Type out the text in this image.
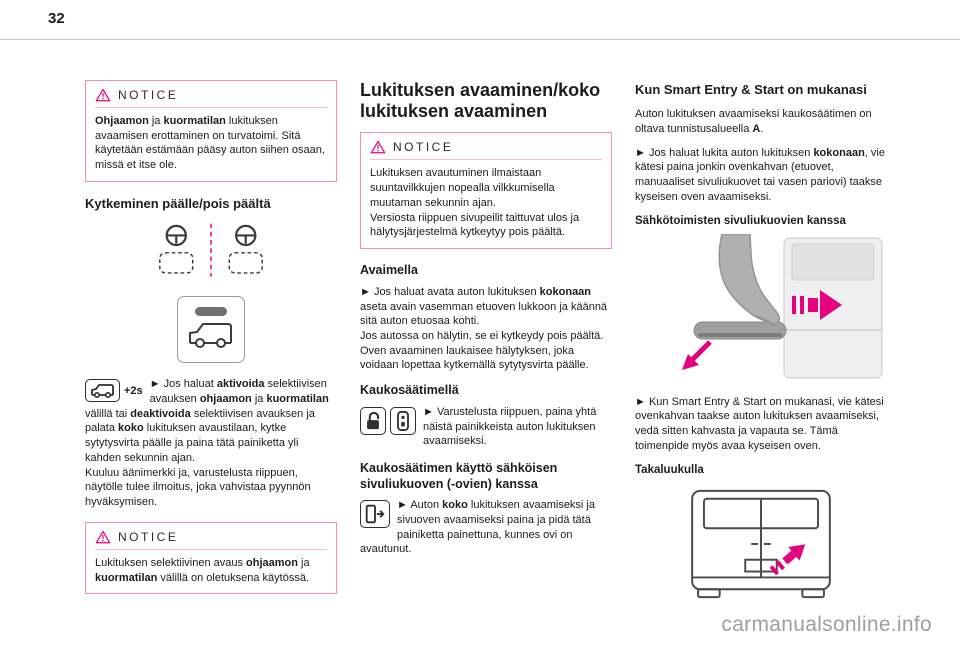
32
NOTICE

Ohjaamon ja kuormatilan lukituksen avaamisen erottaminen on turvatoimi. Sitä käytetään estämään pääsy auton siihen osaan, missä et itse ole.

Kytkeminen päälle/pois päältä
+2s

► Jos haluat aktivoida selektiivisen avauksen ohjaamon ja kuormatilan välillä tai deaktivoida selektiivisen avauksen ja palata koko lukituksen avaustilaan, kytke sytytysvirta päälle ja paina tätä painiketta yli kahden sekunnin ajan.
Kuuluu äänimerkki ja, varustelusta riippuen, näytölle tulee ilmoitus, joka vahvistaa pyynnön hyväksymisen.

NOTICE

Lukituksen selektiivinen avaus ohjaamon ja kuormatilan välillä on oletuksena käytössä.

Lukituksen avaaminen/koko lukituksen avaaminen
NOTICE

Lukituksen avautuminen ilmaistaan suuntavilkkujen nopealla vilkkumisella muutaman sekunnin ajan.
Versiosta riippuen sivupeilit taittuvat ulos ja hälytysjärjestelmä kytkeytyy pois päältä.

Avaimella

► Jos haluat avata auton lukituksen kokonaan aseta avain vasemman etuoven lukkoon ja käännä sitä auton etuosaa kohti.
Jos autossa on hälytin, se ei kytkeydy pois päältä. Oven avaaminen laukaisee hälytyksen, joka voidaan lopettaa kytkemällä sytytysvirta päälle.

Kaukosäätimellä

► Varustelusta riippuen, paina yhtä näistä painikkeista auton lukituksen avaamiseksi.

Kaukosäätimen käyttö sähköisen sivuliukuoven (-ovien) kanssa

► Auton koko lukituksen avaamiseksi ja sivuoven avaamiseksi paina ja pidä tätä painiketta painettuna, kunnes ovi on avautunut.

Kun Smart Entry & Start on mukanasi

Auton lukituksen avaamiseksi kaukosäätimen on oltava tunnistusalueella A.

► Jos haluat lukita auton lukituksen kokonaan, vie kätesi paina jonkin ovenkahvan (etuovet, manuaaliset sivuliukuovet tai vasen pariovi) taakse kyseisen oven avaamiseksi.

Sähkötoimisten sivuliukuovien kanssa

► Kun Smart Entry & Start on mukanasi, vie kätesi ovenkahvan taakse auton lukituksen avaamiseksi, vedä sitten kahvasta ja vapauta se. Tämä toimenpide myös avaa kyseisen oven.

Takaluukulla
carmanualsonline.info
